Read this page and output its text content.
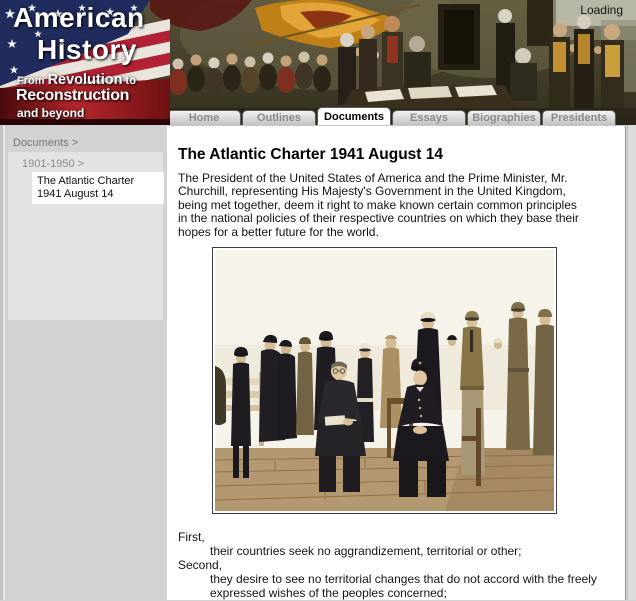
Loading
American
History
From Revolution to
Reconstruction
and beyond	Home	Outlines	Documents	Essays	Biographies	Presidents
Documents >
1901-1950 >
The Atlantic Charter 1941 August 14
The Atlantic Charter 1941 August 14

The President of the United States of America and the Prime Minister, Mr. Churchill, representing His Majesty's Government in the United Kingdom, being met together, deem it right to make known certain common principles in the national policies of their respective countries on which they base their hopes for a better future for the world.

First,
their countries seek no aggrandizement, territorial or other;
Second,
they desire to see no territorial changes that do not accord with the freely expressed wishes of the peoples concerned;
